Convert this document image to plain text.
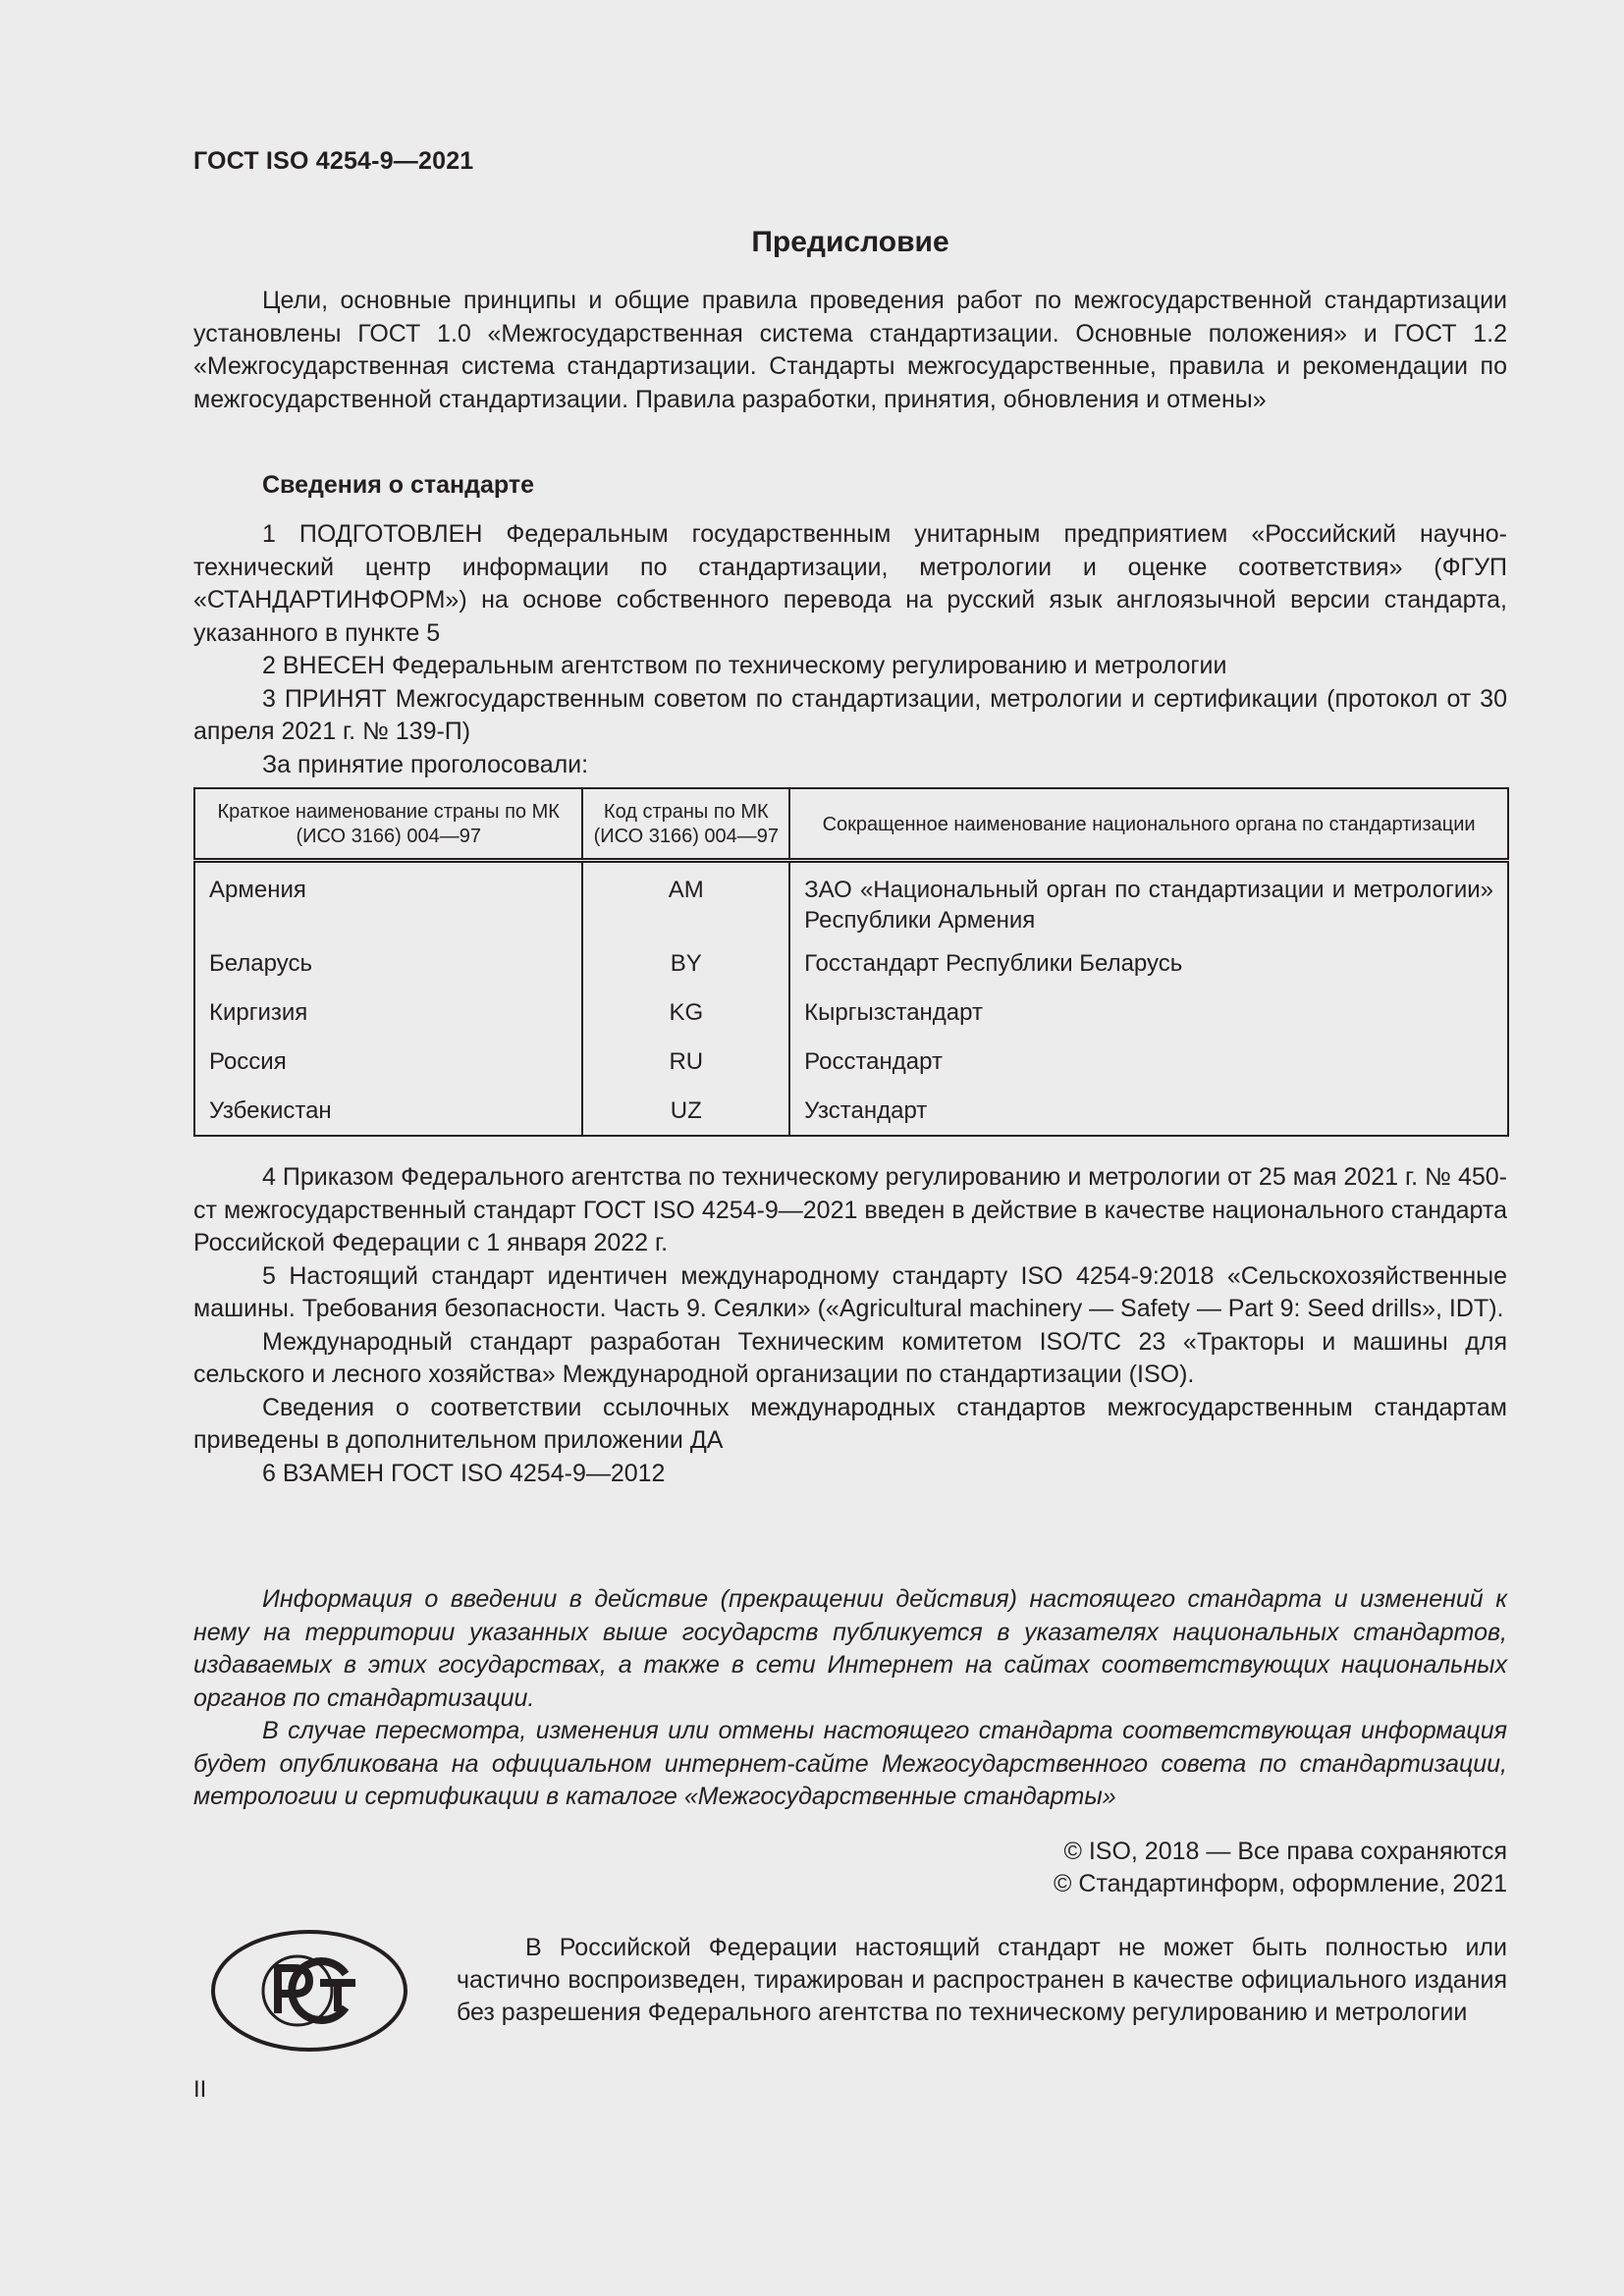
ГОСТ ISO 4254-9—2021
Предисловие

Цели, основные принципы и общие правила проведения работ по межгосударственной стандартизации установлены ГОСТ 1.0 «Межгосударственная система стандартизации. Основные положения» и ГОСТ 1.2 «Межгосударственная система стандартизации. Стандарты межгосударственные, правила и рекомендации по межгосударственной стандартизации. Правила разработки, принятия, обновления и отмены»

Сведения о стандарте

1 ПОДГОТОВЛЕН Федеральным государственным унитарным предприятием «Российский научно-технический центр информации по стандартизации, метрологии и оценке соответствия» (ФГУП «СТАНДАРТИНФОРМ») на основе собственного перевода на русский язык англоязычной версии стандарта, указанного в пункте 5

2 ВНЕСЕН Федеральным агентством по техническому регулированию и метрологии

3 ПРИНЯТ Межгосударственным советом по стандартизации, метрологии и сертификации (протокол от 30 апреля 2021 г. № 139-П)

За принятие проголосовали:

Краткое наименование страны по МК (ИСО 3166) 004—97	Код страны по МК (ИСО 3166) 004—97	Сокращенное наименование национального органа по стандартизации
Армения	AM	ЗАО «Национальный орган по стандартизации и метрологии» Республики Армения
Беларусь	BY	Госстандарт Республики Беларусь
Киргизия	KG	Кыргызстандарт
Россия	RU	Росстандарт
Узбекистан	UZ	Узстандарт

4 Приказом Федерального агентства по техническому регулированию и метрологии от 25 мая 2021 г. № 450-ст межгосударственный стандарт ГОСТ ISO 4254-9—2021 введен в действие в качестве национального стандарта Российской Федерации с 1 января 2022 г.

5 Настоящий стандарт идентичен международному стандарту ISO 4254-9:2018 «Сельскохозяйственные машины. Требования безопасности. Часть 9. Сеялки» («Agricultural machinery — Safety — Part 9: Seed drills», IDT).

Международный стандарт разработан Техническим комитетом ISO/TC 23 «Тракторы и машины для сельского и лесного хозяйства» Международной организации по стандартизации (ISO).

Сведения о соответствии ссылочных международных стандартов межгосударственным стандартам приведены в дополнительном приложении ДА

6 ВЗАМЕН ГОСТ ISO 4254-9—2012

Информация о введении в действие (прекращении действия) настоящего стандарта и изменений к нему на территории указанных выше государств публикуется в указателях национальных стандартов, издаваемых в этих государствах, а также в сети Интернет на сайтах соответствующих национальных органов по стандартизации.

В случае пересмотра, изменения или отмены настоящего стандарта соответствующая информация будет опубликована на официальном интернет-сайте Межгосударственного совета по стандартизации, метрологии и сертификации в каталоге «Межгосударственные стандарты»

© ISO, 2018 — Все права сохраняются
© Стандартинформ, оформление, 2021

В Российской Федерации настоящий стандарт не может быть полностью или частично воспроизведен, тиражирован и распространен в качестве официального издания без разрешения Федерального агентства по техническому регулированию и метрологии

II
